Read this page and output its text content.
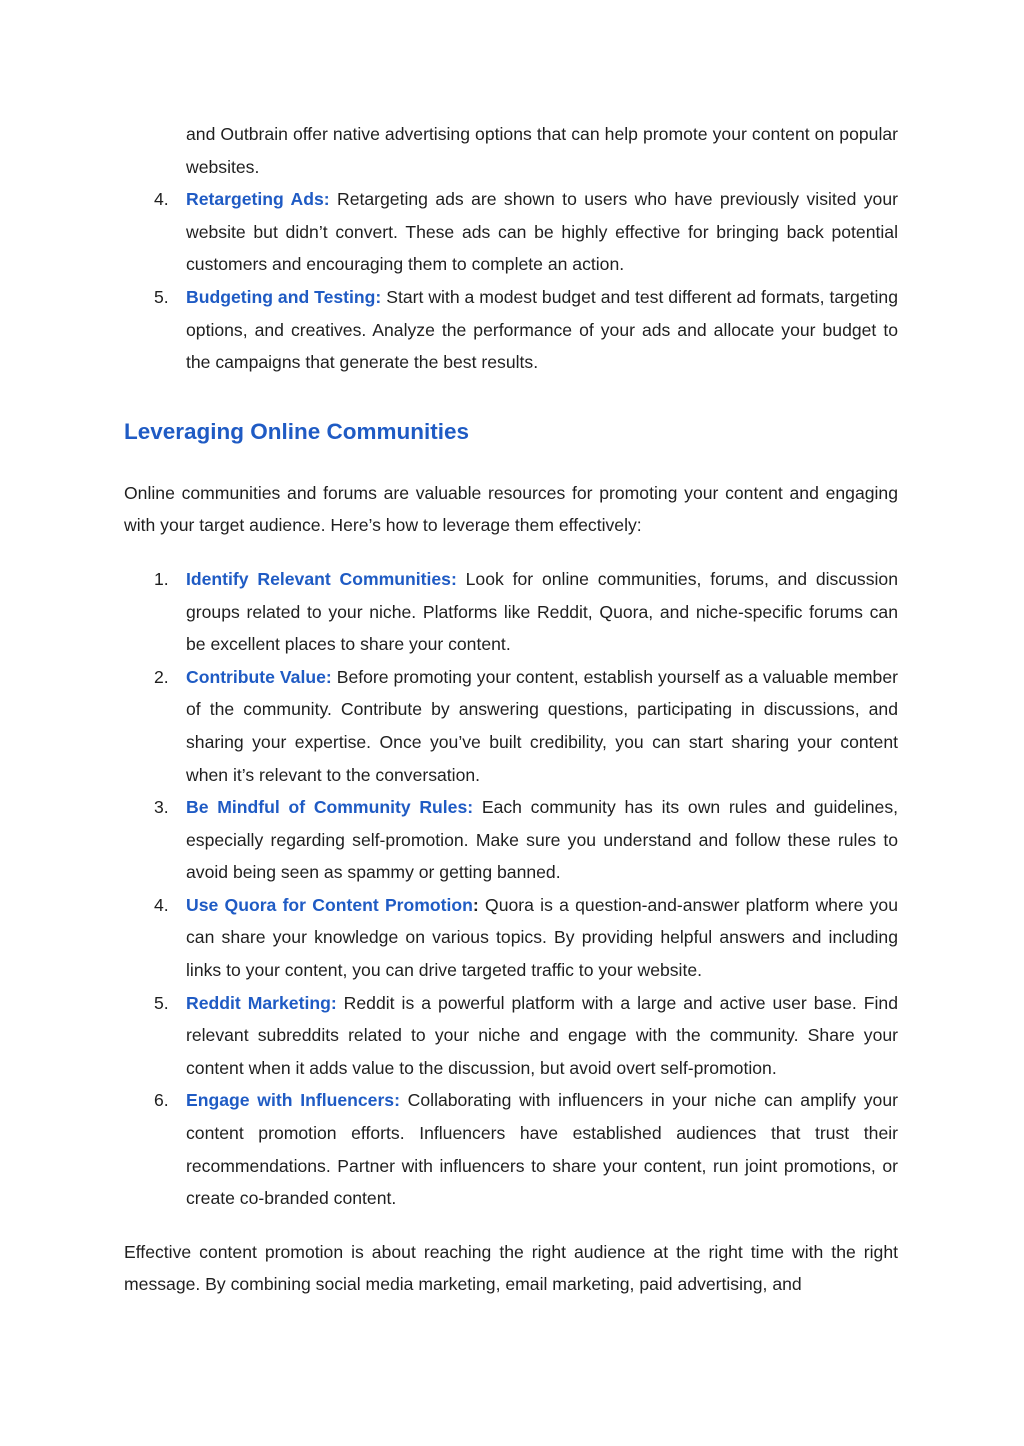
and Outbrain offer native advertising options that can help promote your content on popular websites.

4. Retargeting Ads: Retargeting ads are shown to users who have previously visited your website but didn’t convert. These ads can be highly effective for bringing back potential customers and encouraging them to complete an action.
5. Budgeting and Testing: Start with a modest budget and test different ad formats, targeting options, and creatives. Analyze the performance of your ads and allocate your budget to the campaigns that generate the best results.
Leveraging Online Communities

Online communities and forums are valuable resources for promoting your content and engaging with your target audience. Here’s how to leverage them effectively:

1. Identify Relevant Communities: Look for online communities, forums, and discussion groups related to your niche. Platforms like Reddit, Quora, and niche-specific forums can be excellent places to share your content.
2. Contribute Value: Before promoting your content, establish yourself as a valuable member of the community. Contribute by answering questions, participating in discussions, and sharing your expertise. Once you’ve built credibility, you can start sharing your content when it’s relevant to the conversation.
3. Be Mindful of Community Rules: Each community has its own rules and guidelines, especially regarding self-promotion. Make sure you understand and follow these rules to avoid being seen as spammy or getting banned.
4. Use Quora for Content Promotion: Quora is a question-and-answer platform where you can share your knowledge on various topics. By providing helpful answers and including links to your content, you can drive targeted traffic to your website.
5. Reddit Marketing: Reddit is a powerful platform with a large and active user base. Find relevant subreddits related to your niche and engage with the community. Share your content when it adds value to the discussion, but avoid overt self-promotion.
6. Engage with Influencers: Collaborating with influencers in your niche can amplify your content promotion efforts. Influencers have established audiences that trust their recommendations. Partner with influencers to share your content, run joint promotions, or create co-branded content.

Effective content promotion is about reaching the right audience at the right time with the right message. By combining social media marketing, email marketing, paid advertising, and
